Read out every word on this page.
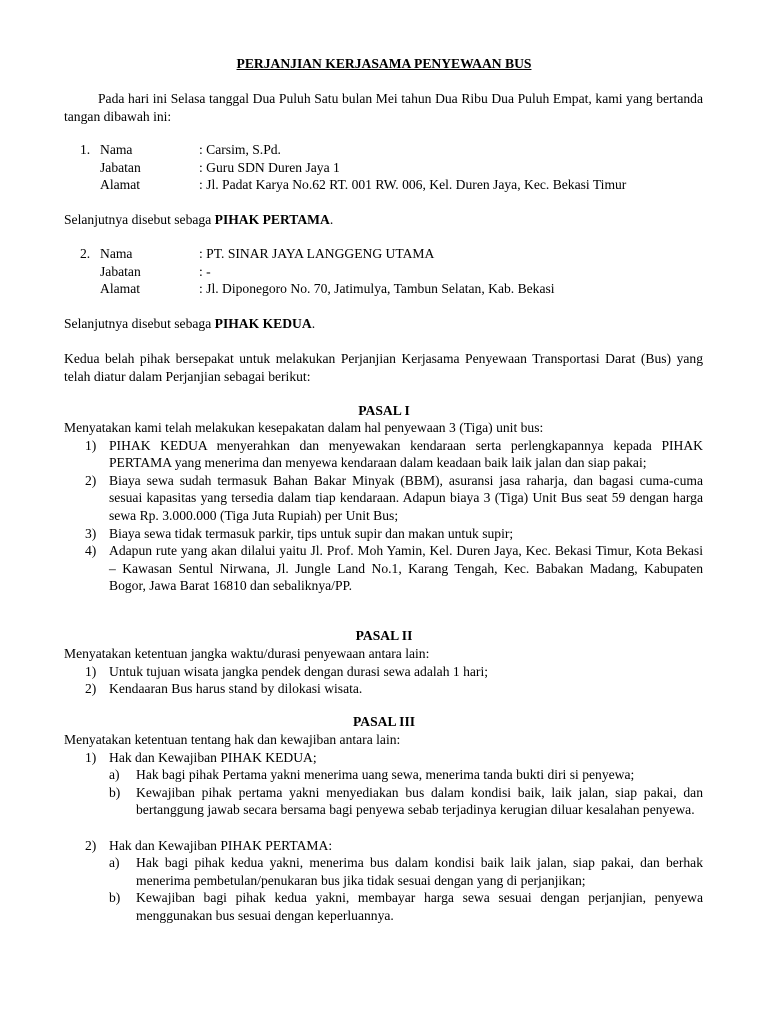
PERJANJIAN KERJASAMA PENYEWAAN BUS
Pada hari ini Selasa tanggal Dua Puluh Satu bulan Mei tahun Dua Ribu Dua Puluh Empat, kami yang bertanda tangan dibawah ini:
1. Nama	: Carsim, S.Pd.
Jabatan	: Guru SDN Duren Jaya 1
Alamat	: Jl. Padat Karya No.62 RT. 001 RW. 006, Kel. Duren Jaya, Kec. Bekasi Timur
Selanjutnya disebut sebaga PIHAK PERTAMA.
2. Nama	: PT. SINAR JAYA LANGGENG UTAMA
Jabatan	: -
Alamat	: Jl. Diponegoro No. 70, Jatimulya, Tambun Selatan, Kab. Bekasi
Selanjutnya disebut sebaga PIHAK KEDUA.
Kedua belah pihak bersepakat untuk melakukan Perjanjian Kerjasama Penyewaan Transportasi Darat (Bus) yang telah diatur dalam Perjanjian sebagai berikut:
PASAL I
Menyatakan kami telah melakukan kesepakatan dalam hal penyewaan 3 (Tiga) unit bus:
1) PIHAK KEDUA menyerahkan dan menyewakan kendaraan serta perlengkapannya kepada PIHAK PERTAMA yang menerima dan menyewa kendaraan dalam keadaan baik laik jalan dan siap pakai;
2) Biaya sewa sudah termasuk Bahan Bakar Minyak (BBM), asuransi jasa raharja, dan bagasi cuma-cuma sesuai kapasitas yang tersedia dalam tiap kendaraan. Adapun biaya 3 (Tiga) Unit Bus seat 59 dengan harga sewa Rp. 3.000.000 (Tiga Juta Rupiah) per Unit Bus;
3) Biaya sewa tidak termasuk parkir, tips untuk supir dan makan untuk supir;
4) Adapun rute yang akan dilalui yaitu Jl. Prof. Moh Yamin, Kel. Duren Jaya, Kec. Bekasi Timur, Kota Bekasi – Kawasan Sentul Nirwana, Jl. Jungle Land No.1, Karang Tengah, Kec. Babakan Madang, Kabupaten Bogor, Jawa Barat 16810 dan sebaliknya/PP.
PASAL II
Menyatakan ketentuan jangka waktu/durasi penyewaan antara lain:
1) Untuk tujuan wisata jangka pendek dengan durasi sewa adalah 1 hari;
2) Kendaaran Bus harus stand by dilokasi wisata.
PASAL III
Menyatakan ketentuan tentang hak dan kewajiban antara lain:
1) Hak dan Kewajiban PIHAK KEDUA;
a) Hak bagi pihak Pertama yakni menerima uang sewa, menerima tanda bukti diri si penyewa;
b) Kewajiban pihak pertama yakni menyediakan bus dalam kondisi baik, laik jalan, siap pakai, dan bertanggung jawab secara bersama bagi penyewa sebab terjadinya kerugian diluar kesalahan penyewa.
2) Hak dan Kewajiban PIHAK PERTAMA:
a) Hak bagi pihak kedua yakni, menerima bus dalam kondisi baik laik jalan, siap pakai, dan berhak menerima pembetulan/penukaran bus jika tidak sesuai dengan yang di perjanjikan;
b) Kewajiban bagi pihak kedua yakni, membayar harga sewa sesuai dengan perjanjian, penyewa menggunakan bus sesuai dengan keperluannya.
